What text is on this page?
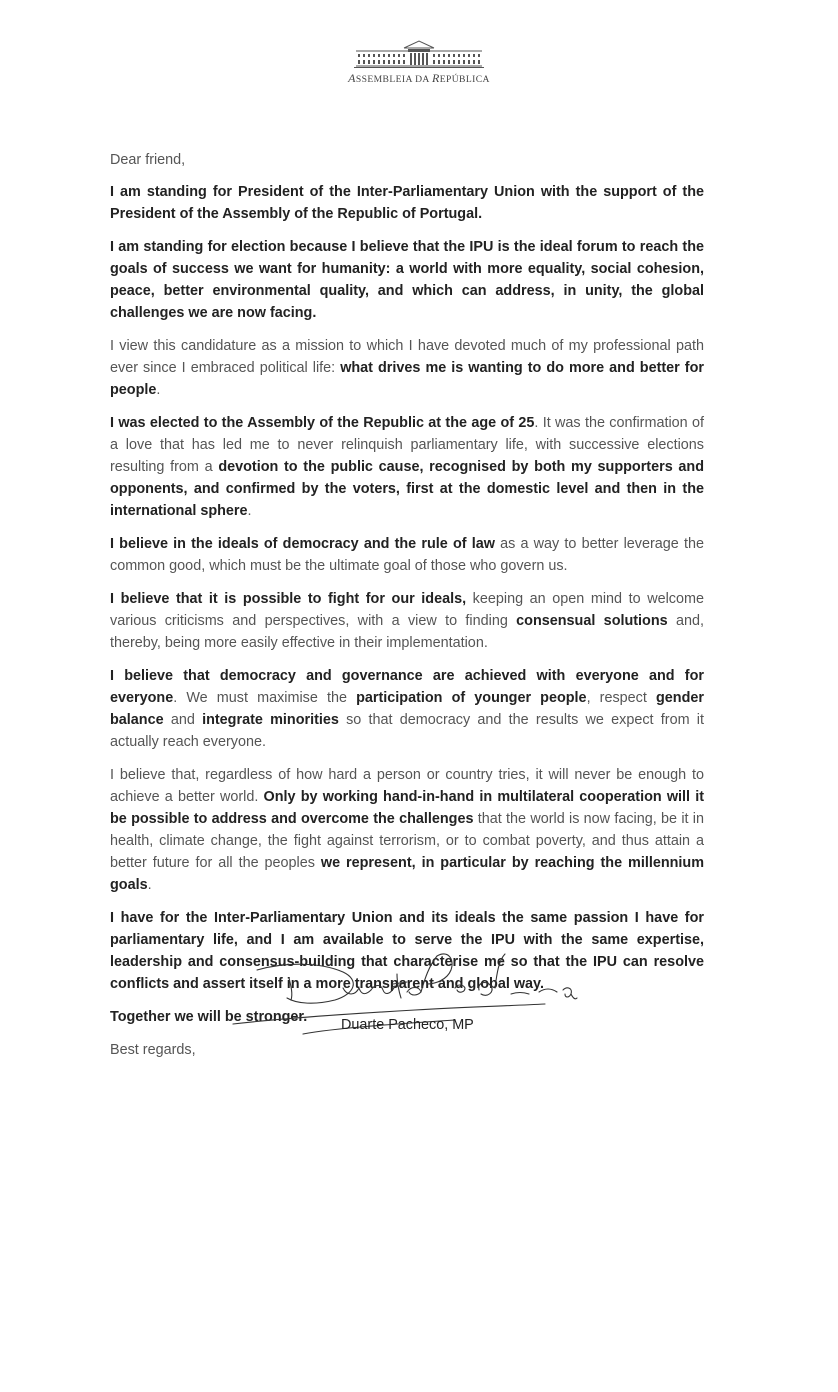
ASSEMBLEIA DA REPÚBLICA

Dear friend,

I am standing for President of the Inter-Parliamentary Union with the support of the President of the Assembly of the Republic of Portugal.

I am standing for election because I believe that the IPU is the ideal forum to reach the goals of success we want for humanity: a world with more equality, social cohesion, peace, better environmental quality, and which can address, in unity, the global challenges we are now facing.

I view this candidature as a mission to which I have devoted much of my professional path ever since I embraced political life: what drives me is wanting to do more and better for people.

I was elected to the Assembly of the Republic at the age of 25. It was the confirmation of a love that has led me to never relinquish parliamentary life, with successive elections resulting from a devotion to the public cause, recognised by both my supporters and opponents, and confirmed by the voters, first at the domestic level and then in the international sphere.

I believe in the ideals of democracy and the rule of law as a way to better leverage the common good, which must be the ultimate goal of those who govern us.

I believe that it is possible to fight for our ideals, keeping an open mind to welcome various criticisms and perspectives, with a view to finding consensual solutions and, thereby, being more easily effective in their implementation.

I believe that democracy and governance are achieved with everyone and for everyone. We must maximise the participation of younger people, respect gender balance and integrate minorities so that democracy and the results we expect from it actually reach everyone.

I believe that, regardless of how hard a person or country tries, it will never be enough to achieve a better world. Only by working hand-in-hand in multilateral cooperation will it be possible to address and overcome the challenges that the world is now facing, be it in health, climate change, the fight against terrorism, or to combat poverty, and thus attain a better future for all the peoples we represent, in particular by reaching the millennium goals.

I have for the Inter-Parliamentary Union and its ideals the same passion I have for parliamentary life, and I am available to serve the IPU with the same expertise, leadership and consensus-building that characterise me so that the IPU can resolve conflicts and assert itself in a more transparent and global way.

Together we will be stronger.

Best regards,

Duarte Pacheco, MP
